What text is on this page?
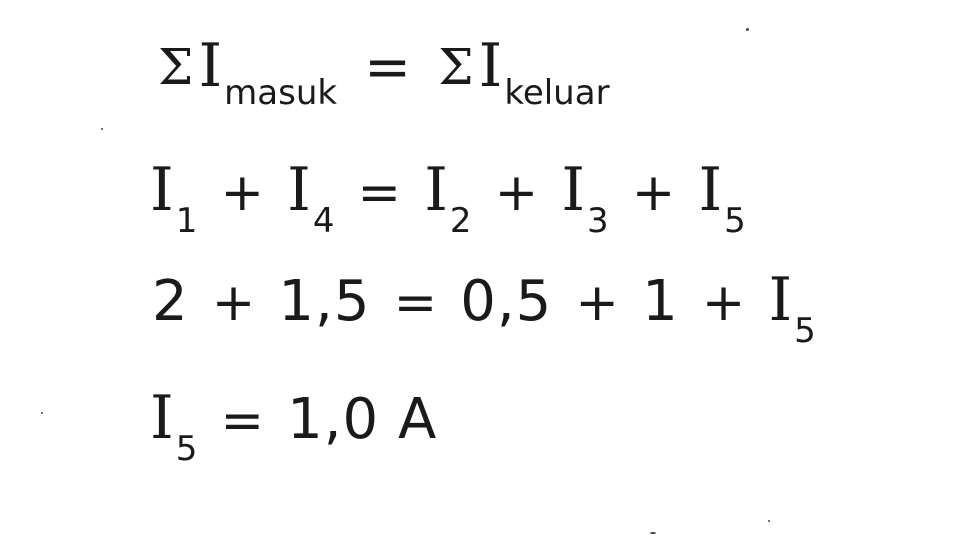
Σ Imasuk = Σ Ikeluar
I1 + I4 = I2 + I3 + I5
2 + 1,5 = 0,5 + 1 + I5
I5 = 1,0 A
